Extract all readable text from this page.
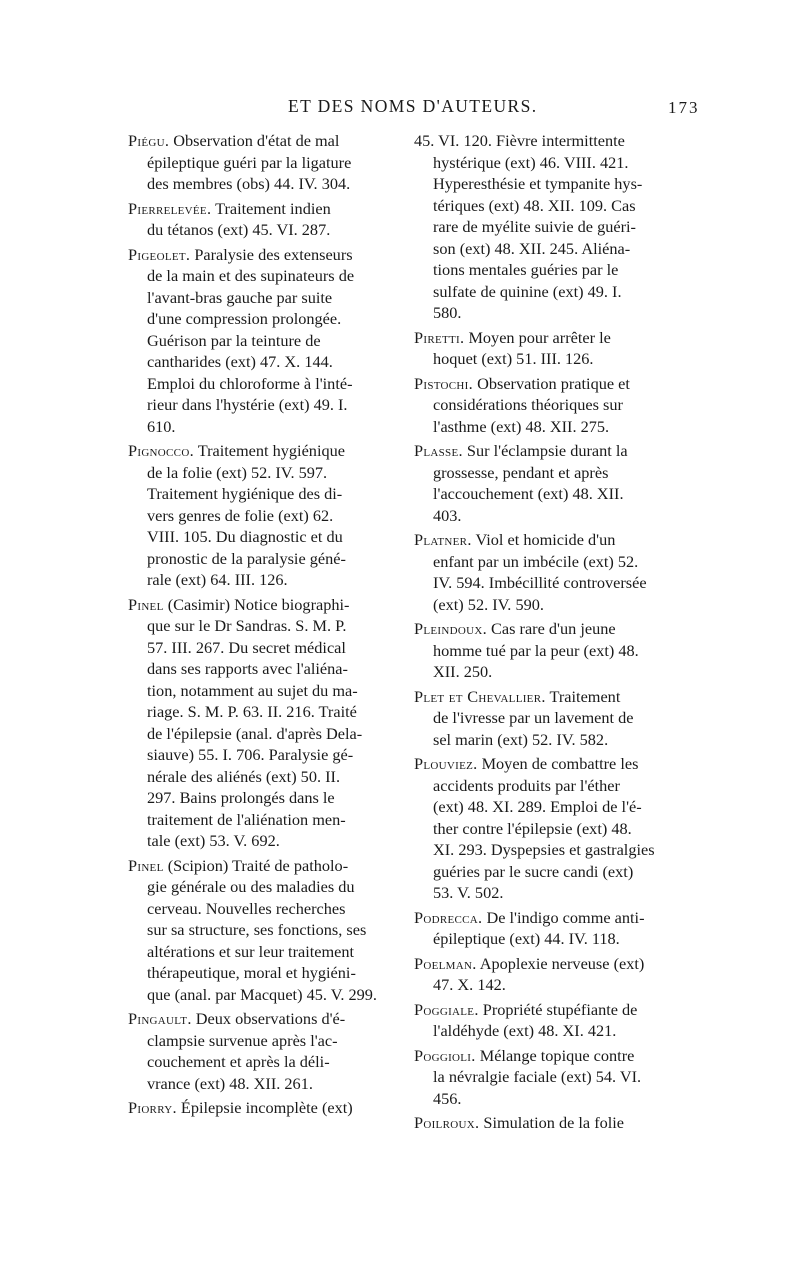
ET DES NOMS D'AUTEURS.	173
Piégu. Observation d'état de mal
épileptique guéri par la ligature
des membres (obs) 44. IV. 304.
Pierrelevée. Traitement indien
du tétanos (ext) 45. VI. 287.
Pigeolet. Paralysie des extenseurs
de la main et des supinateurs de
l'avant-bras gauche par suite
d'une compression prolongée.
Guérison par la teinture de
cantharides (ext) 47. X. 144.
Emploi du chloroforme à l'inté-
rieur dans l'hystérie (ext) 49. I.
610.
Pignocco. Traitement hygiénique
de la folie (ext) 52. IV. 597.
Traitement hygiénique des di-
vers genres de folie (ext) 62.
VIII. 105. Du diagnostic et du
pronostic de la paralysie géné-
rale (ext) 64. III. 126.
Pinel (Casimir) Notice biographi-
que sur le Dr Sandras. S. M. P.
57. III. 267. Du secret médical
dans ses rapports avec l'aliéna-
tion, notamment au sujet du ma-
riage. S. M. P. 63. II. 216. Traité
de l'épilepsie (anal. d'après Dela-
siauve) 55. I. 706. Paralysie gé-
nérale des aliénés (ext) 50. II.
297. Bains prolongés dans le
traitement de l'aliénation men-
tale (ext) 53. V. 692.
Pinel (Scipion) Traité de patholo-
gie générale ou des maladies du
cerveau. Nouvelles recherches
sur sa structure, ses fonctions, ses
altérations et sur leur traitement
thérapeutique, moral et hygiéni-
que (anal. par Macquet) 45. V. 299.
Pingault. Deux observations d'é-
clampsie survenue après l'ac-
couchement et après la déli-
vrance (ext) 48. XII. 261.
Piorry. Épilepsie incomplète (ext)
45. VI. 120. Fièvre intermittente
hystérique (ext) 46. VIII. 421.
Hyperesthésie et tympanite hys-
tériques (ext) 48. XII. 109. Cas
rare de myélite suivie de guéri-
son (ext) 48. XII. 245. Aliéna-
tions mentales guéries par le
sulfate de quinine (ext) 49. I.
580.
Piretti. Moyen pour arrêter le
hoquet (ext) 51. III. 126.
Pistochi. Observation pratique et
considérations théoriques sur
l'asthme (ext) 48. XII. 275.
Plasse. Sur l'éclampsie durant la
grossesse, pendant et après
l'accouchement (ext) 48. XII.
403.
Platner. Viol et homicide d'un
enfant par un imbécile (ext) 52.
IV. 594. Imbécillité controversée
(ext) 52. IV. 590.
Pleindoux. Cas rare d'un jeune
homme tué par la peur (ext) 48.
XII. 250.
Plet et Chevallier. Traitement
de l'ivresse par un lavement de
sel marin (ext) 52. IV. 582.
Plouviez. Moyen de combattre les
accidents produits par l'éther
(ext) 48. XI. 289. Emploi de l'é-
ther contre l'épilepsie (ext) 48.
XI. 293. Dyspepsies et gastralgies
guéries par le sucre candi (ext)
53. V. 502.
Podrecca. De l'indigo comme anti-
épileptique (ext) 44. IV. 118.
Poelman. Apoplexie nerveuse (ext)
47. X. 142.
Poggiale. Propriété stupéfiante de
l'aldéhyde (ext) 48. XI. 421.
Poggioli. Mélange topique contre
la névralgie faciale (ext) 54. VI.
456.
Poilroux. Simulation de la folie
